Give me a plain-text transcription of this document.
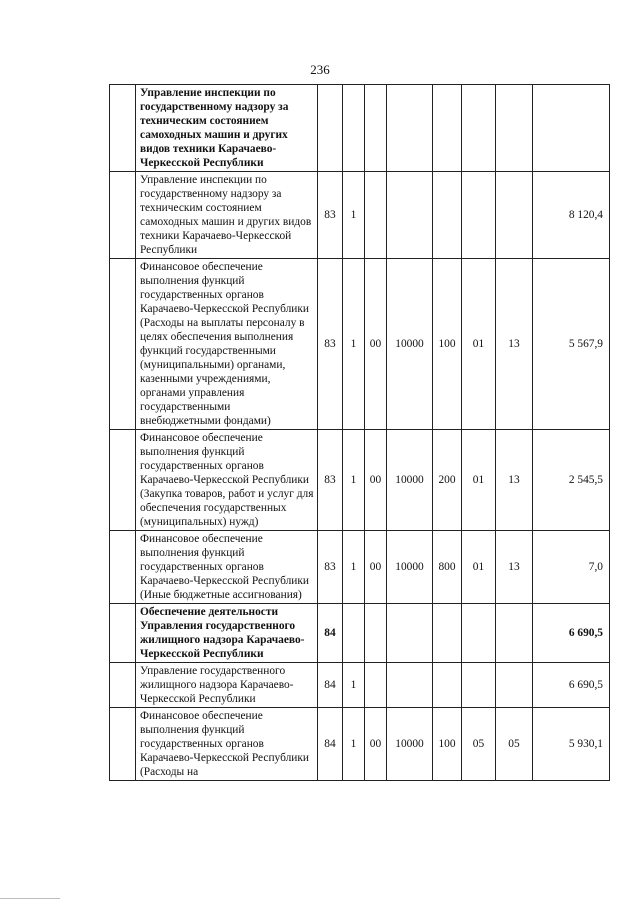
236
	Управление инспекции по государственному надзору за техническим состоянием самоходных машин и других видов техники Карачаево-Черкесской Республики								
	Управление инспекции по государственному надзору за техническим состоянием самоходных машин и других видов техники Карачаево-Черкесской Республики	83	1						8 120,4
	Финансовое обеспечение выполнения функций государственных органов Карачаево-Черкесской Республики (Расходы на выплаты персоналу в целях обеспечения выполнения функций государственными (муниципальными) органами, казенными учреждениями, органами управления государственными внебюджетными фондами)	83	1	00	10000	100	01	13	5 567,9
	Финансовое обеспечение выполнения функций государственных органов Карачаево-Черкесской Республики (Закупка товаров, работ и услуг для обеспечения государственных (муниципальных) нужд)	83	1	00	10000	200	01	13	2 545,5
	Финансовое обеспечение выполнения функций государственных органов Карачаево-Черкесской Республики (Иные бюджетные ассигнования)	83	1	00	10000	800	01	13	7,0
	Обеспечение деятельности Управления государственного жилищного надзора Карачаево-Черкесской Республики	84							6 690,5
	Управление государственного жилищного надзора Карачаево-Черкесской Республики	84	1						6 690,5
	Финансовое обеспечение выполнения функций государственных органов Карачаево-Черкесской Республики (Расходы на	84	1	00	10000	100	05	05	5 930,1
